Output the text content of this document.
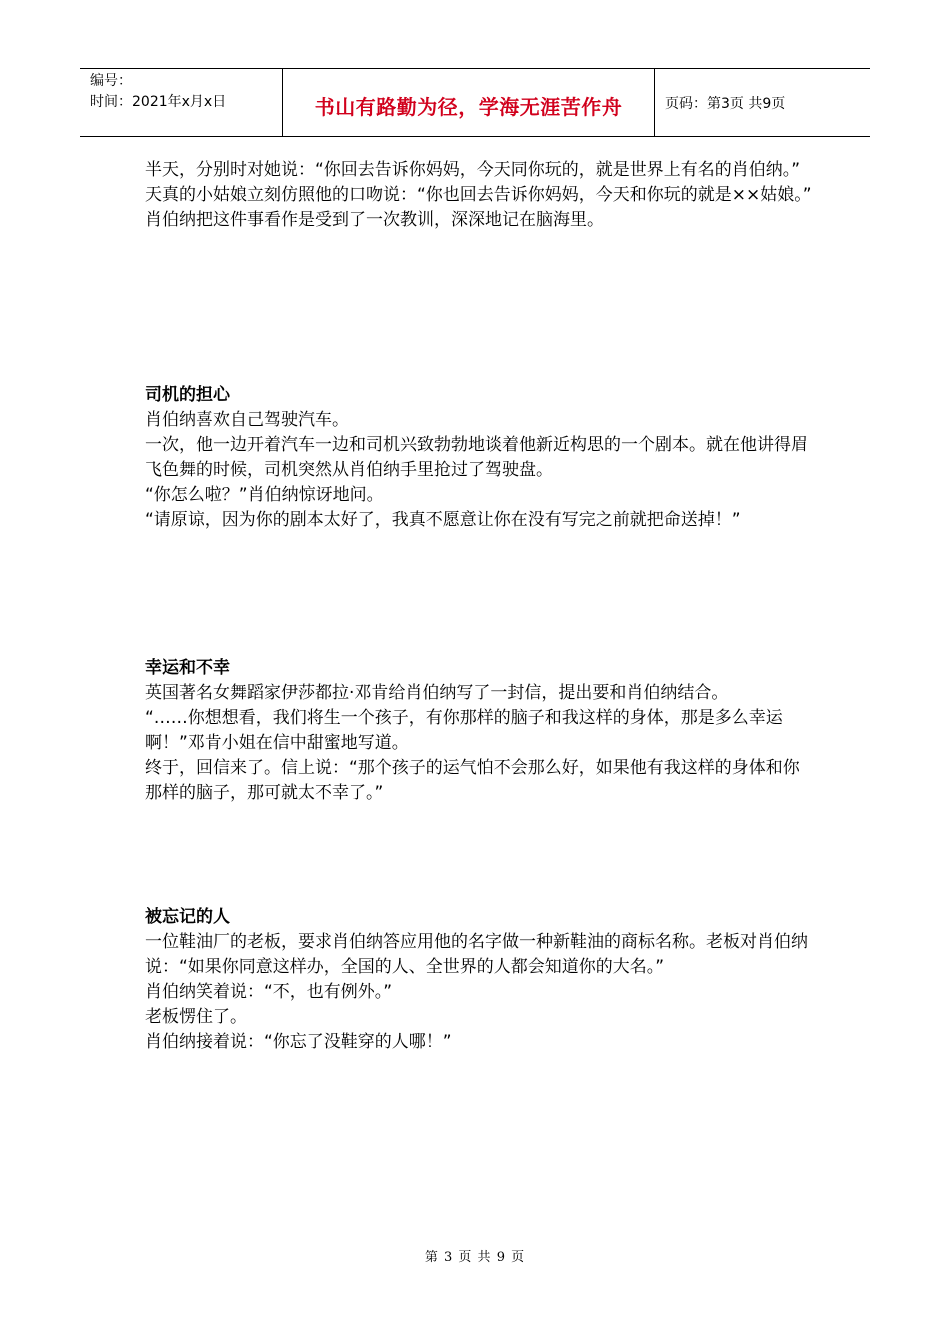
编号：
时间：2021年x月x日	书山有路勤为径，学海无涯苦作舟	页码：第3页 共9页

半天，分别时对她说：“你回去告诉你妈妈，今天同你玩的，就是世界上有名的肖伯纳。”

天真的小姑娘立刻仿照他的口吻说：“你也回去告诉你妈妈，今天和你玩的就是××姑娘。”

肖伯纳把这件事看作是受到了一次教训，深深地记在脑海里。

司机的担心

肖伯纳喜欢自己驾驶汽车。

一次，他一边开着汽车一边和司机兴致勃勃地谈着他新近构思的一个剧本。就在他讲得眉飞色舞的时候，司机突然从肖伯纳手里抢过了驾驶盘。

“你怎么啦？”肖伯纳惊讶地问。

“请原谅，因为你的剧本太好了，我真不愿意让你在没有写完之前就把命送掉！”

幸运和不幸

英国著名女舞蹈家伊莎都拉·邓肯给肖伯纳写了一封信，提出要和肖伯纳结合。

“……你想想看，我们将生一个孩子，有你那样的脑子和我这样的身体，那是多么幸运啊！”邓肯小姐在信中甜蜜地写道。

终于，回信来了。信上说：“那个孩子的运气怕不会那么好，如果他有我这样的身体和你那样的脑子，那可就太不幸了。”

被忘记的人

一位鞋油厂的老板，要求肖伯纳答应用他的名字做一种新鞋油的商标名称。老板对肖伯纳说：“如果你同意这样办，全国的人、全世界的人都会知道你的大名。”

肖伯纳笑着说：“不，也有例外。”

老板愣住了。

肖伯纳接着说：“你忘了没鞋穿的人哪！”

第 3 页 共 9 页
